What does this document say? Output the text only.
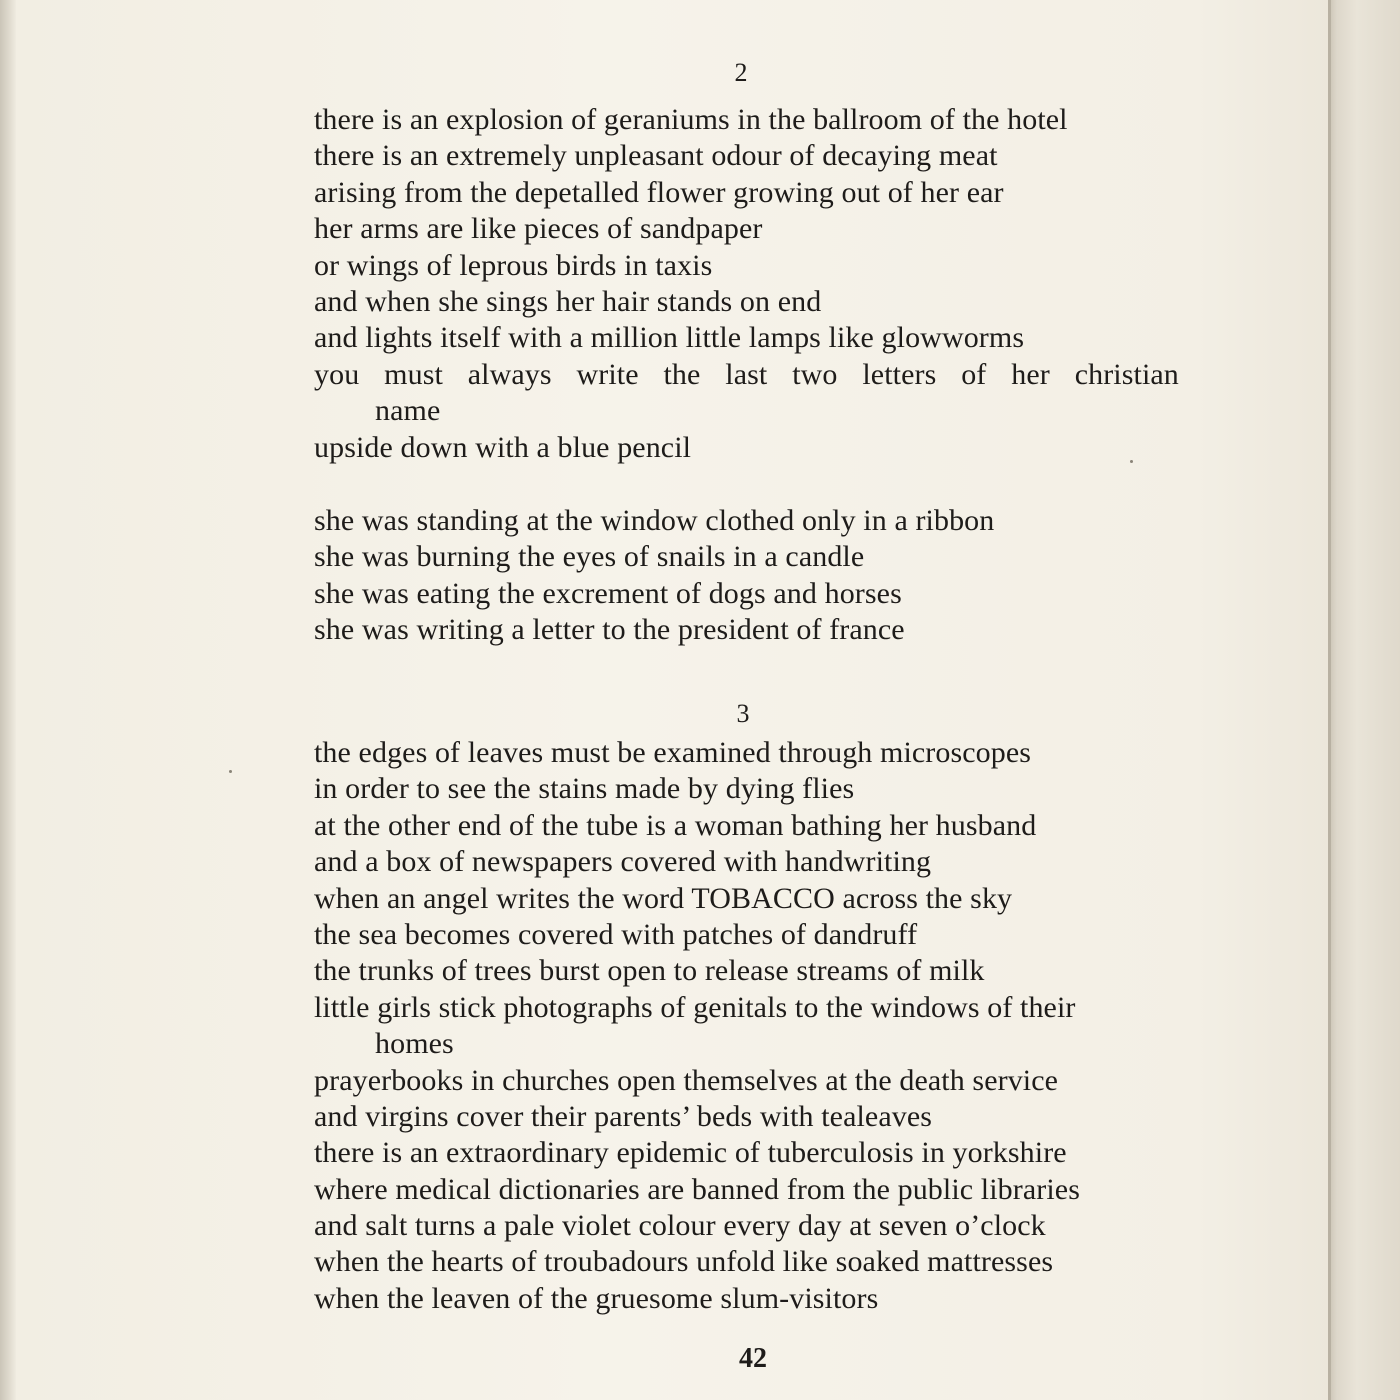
2
there is an explosion of geraniums in the ballroom of the hotel
there is an extremely unpleasant odour of decaying meat
arising from the depetalled flower growing out of her ear
her arms are like pieces of sandpaper
or wings of leprous birds in taxis
and when she sings her hair stands on end
and lights itself with a million little lamps like glowworms
you must always write the last two letters of her christian
name
upside down with a blue pencil
she was standing at the window clothed only in a ribbon
she was burning the eyes of snails in a candle
she was eating the excrement of dogs and horses
she was writing a letter to the president of france
3
the edges of leaves must be examined through microscopes
in order to see the stains made by dying flies
at the other end of the tube is a woman bathing her husband
and a box of newspapers covered with handwriting
when an angel writes the word TOBACCO across the sky
the sea becomes covered with patches of dandruff
the trunks of trees burst open to release streams of milk
little girls stick photographs of genitals to the windows of their
homes
prayerbooks in churches open themselves at the death service
and virgins cover their parents’ beds with tealeaves
there is an extraordinary epidemic of tuberculosis in yorkshire
where medical dictionaries are banned from the public libraries
and salt turns a pale violet colour every day at seven o’clock
when the hearts of troubadours unfold like soaked mattresses
when the leaven of the gruesome slum-visitors
42
